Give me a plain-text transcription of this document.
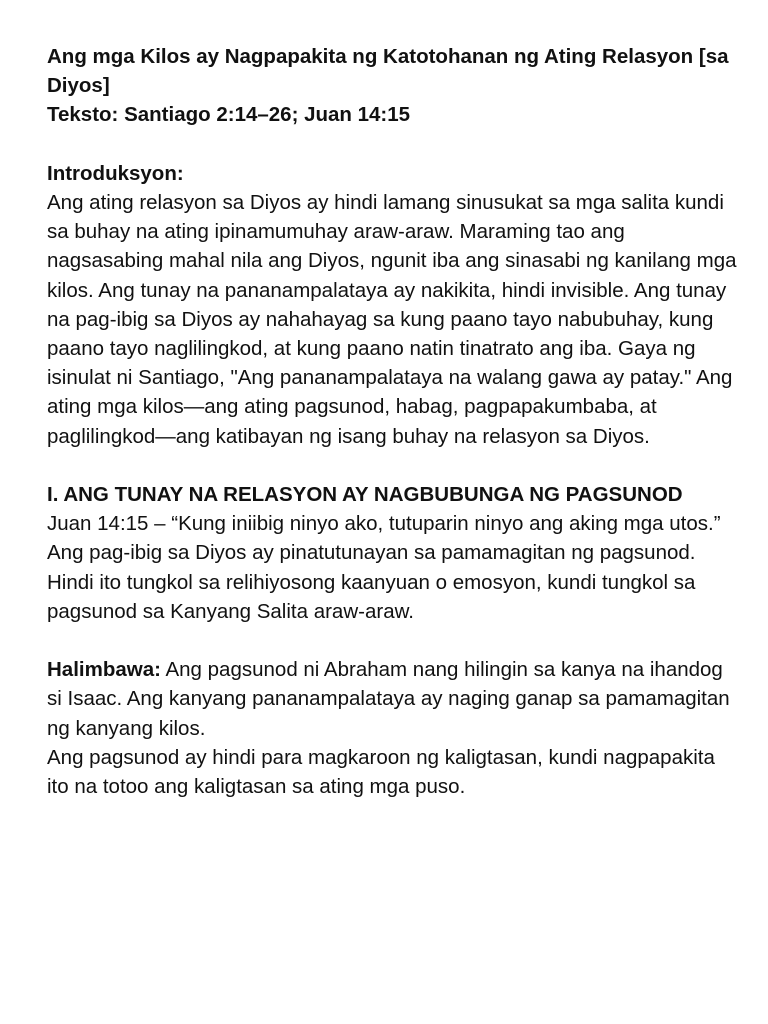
Ang mga Kilos ay Nagpapakita ng Katotohanan ng Ating Relasyon [sa Diyos]
Teksto: Santiago 2:14–26; Juan 14:15

Introduksyon:

Ang ating relasyon sa Diyos ay hindi lamang sinusukat sa mga salita kundi sa buhay na ating ipinamumuhay araw-araw. Maraming tao ang nagsasabing mahal nila ang Diyos, ngunit iba ang sinasabi ng kanilang mga kilos. Ang tunay na pananampalataya ay nakikita, hindi invisible. Ang tunay na pag-ibig sa Diyos ay nahahayag sa kung paano tayo nabubuhay, kung paano tayo naglilingkod, at kung paano natin tinatrato ang iba. Gaya ng isinulat ni Santiago, "Ang pananampalataya na walang gawa ay patay." Ang ating mga kilos—ang ating pagsunod, habag, pagpapakumbaba, at paglilingkod—ang katibayan ng isang buhay na relasyon sa Diyos.

I. ANG TUNAY NA RELASYON AY NAGBUBUNGA NG PAGSUNOD

Juan 14:15 – “Kung iniibig ninyo ako, tutuparin ninyo ang aking mga utos.”

Ang pag-ibig sa Diyos ay pinatutunayan sa pamamagitan ng pagsunod.

Hindi ito tungkol sa relihiyosong kaanyuan o emosyon, kundi tungkol sa pagsunod sa Kanyang Salita araw-araw.

Halimbawa: Ang pagsunod ni Abraham nang hilingin sa kanya na ihandog si Isaac. Ang kanyang pananampalataya ay naging ganap sa pamamagitan ng kanyang kilos.

Ang pagsunod ay hindi para magkaroon ng kaligtasan, kundi nagpapakita ito na totoo ang kaligtasan sa ating mga puso.
